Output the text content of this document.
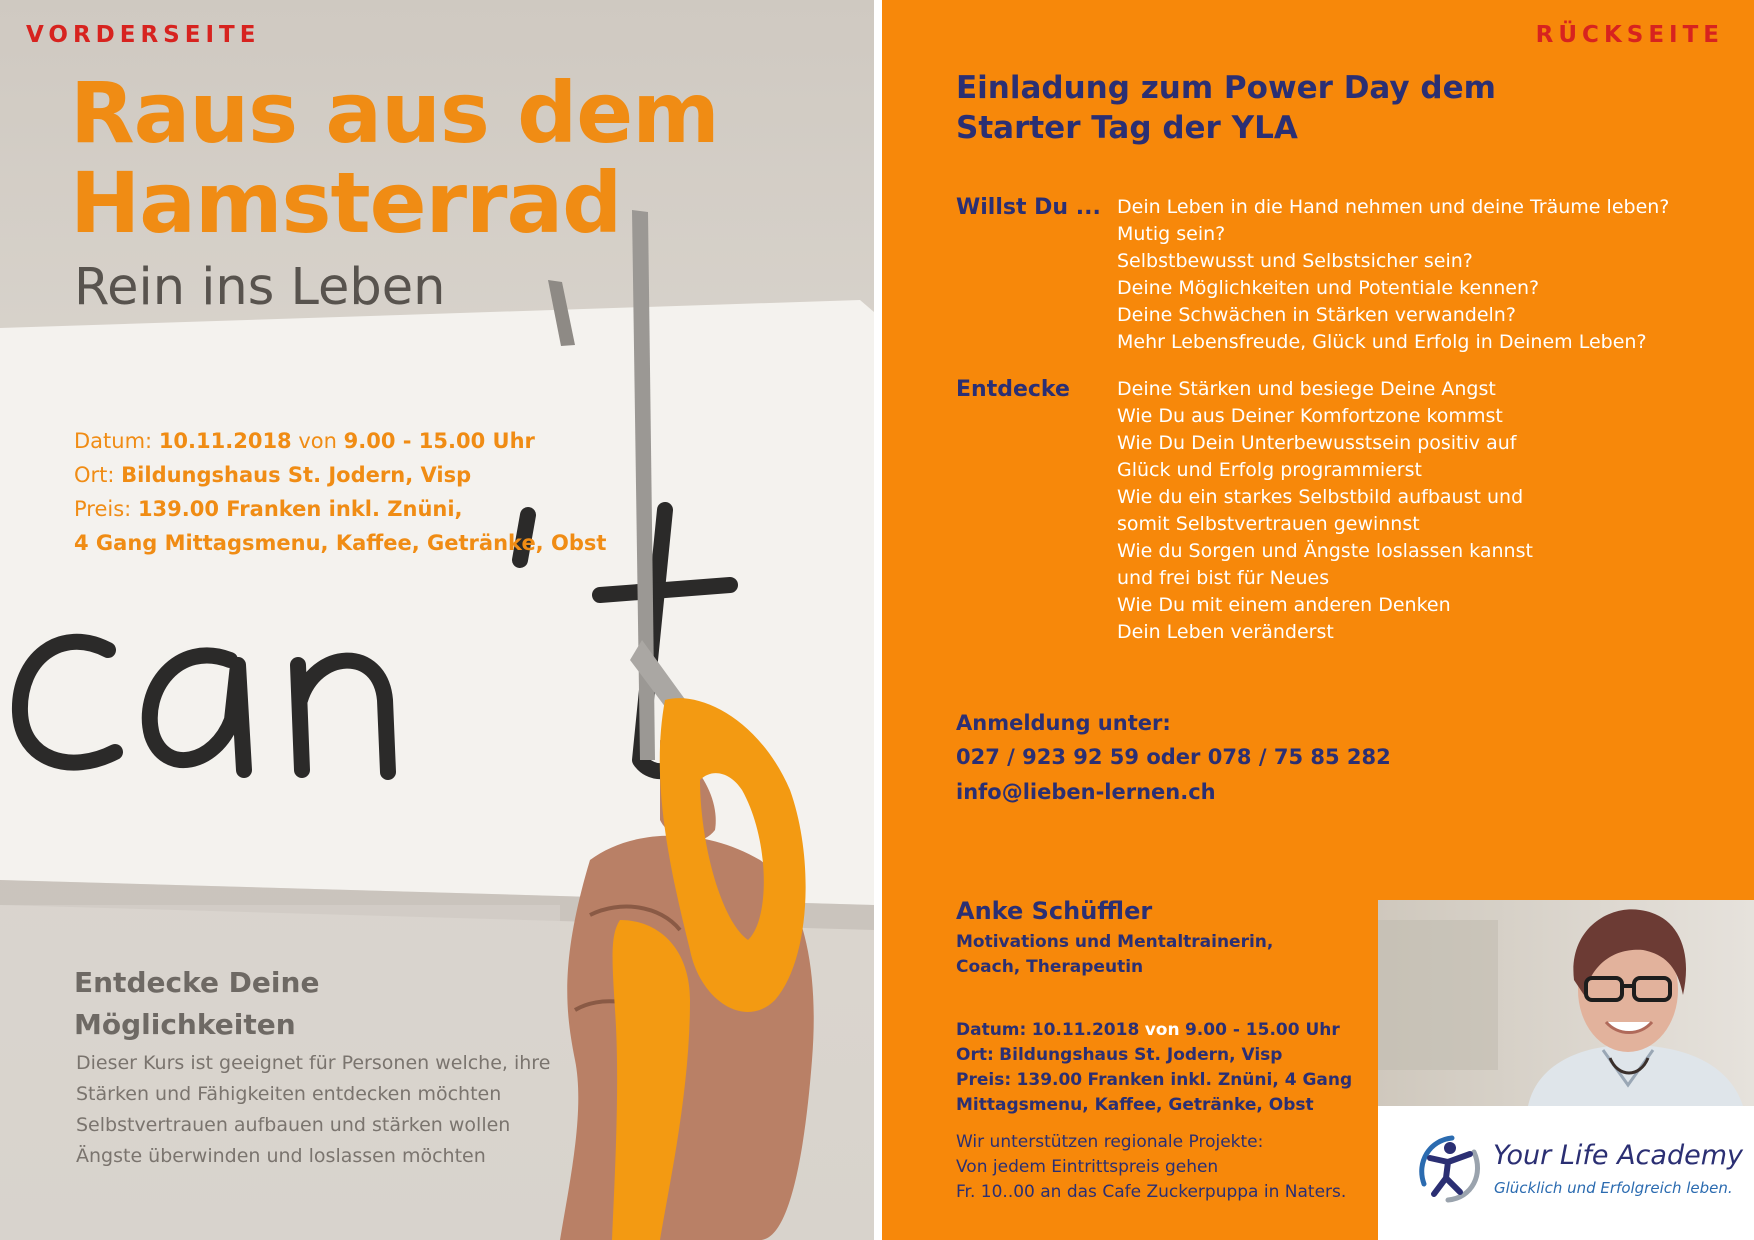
VORDERSEITE
Raus aus dem
Hamsterrad
Rein ins Leben
Datum: 10.11.2018 von 9.00 - 15.00 Uhr
Ort: Bildungshaus St. Jodern, Visp
Preis: 139.00 Franken inkl. Znüni,
4 Gang Mittagsmenu, Kaffee, Getränke, Obst
Entdecke Deine
Möglichkeiten
Dieser Kurs ist geeignet für Personen welche, ihre
Stärken und Fähigkeiten entdecken möchten
Selbstvertrauen aufbauen und stärken wollen
Ängste überwinden und loslassen möchten
RÜCKSEITE
Einladung zum Power Day dem
Starter Tag der YLA
Willst Du ... Dein Leben in die Hand nehmen und deine Träume leben?
Mutig sein?
Selbstbewusst und Selbstsicher sein?
Deine Möglichkeiten und Potentiale kennen?
Deine Schwächen in Stärken verwandeln?
Mehr Lebensfreude, Glück und Erfolg in Deinem Leben?
Entdecke Deine Stärken und besiege Deine Angst
Wie Du aus Deiner Komfortzone kommst
Wie Du Dein Unterbewusstsein positiv auf
Glück und Erfolg programmierst
Wie du ein starkes Selbstbild aufbaust und
somit Selbstvertrauen gewinnst
Wie du Sorgen und Ängste loslassen kannst
und frei bist für Neues
Wie Du mit einem anderen Denken
Dein Leben veränderst
Anmeldung unter:
027 / 923 92 59 oder 078 / 75 85 282
info@lieben-lernen.ch
Anke Schüffler
Motivations und Mentaltrainerin,
Coach, Therapeutin
Datum: 10.11.2018 von 9.00 - 15.00 Uhr
Ort: Bildungshaus St. Jodern, Visp
Preis: 139.00 Franken inkl. Znüni, 4 Gang
Mittagsmenu, Kaffee, Getränke, Obst
Wir unterstützen regionale Projekte:
Von jedem Eintrittspreis gehen
Fr. 10..00 an das Cafe Zuckerpuppa in Naters.
Your Life Academy
Glücklich und Erfolgreich leben.
